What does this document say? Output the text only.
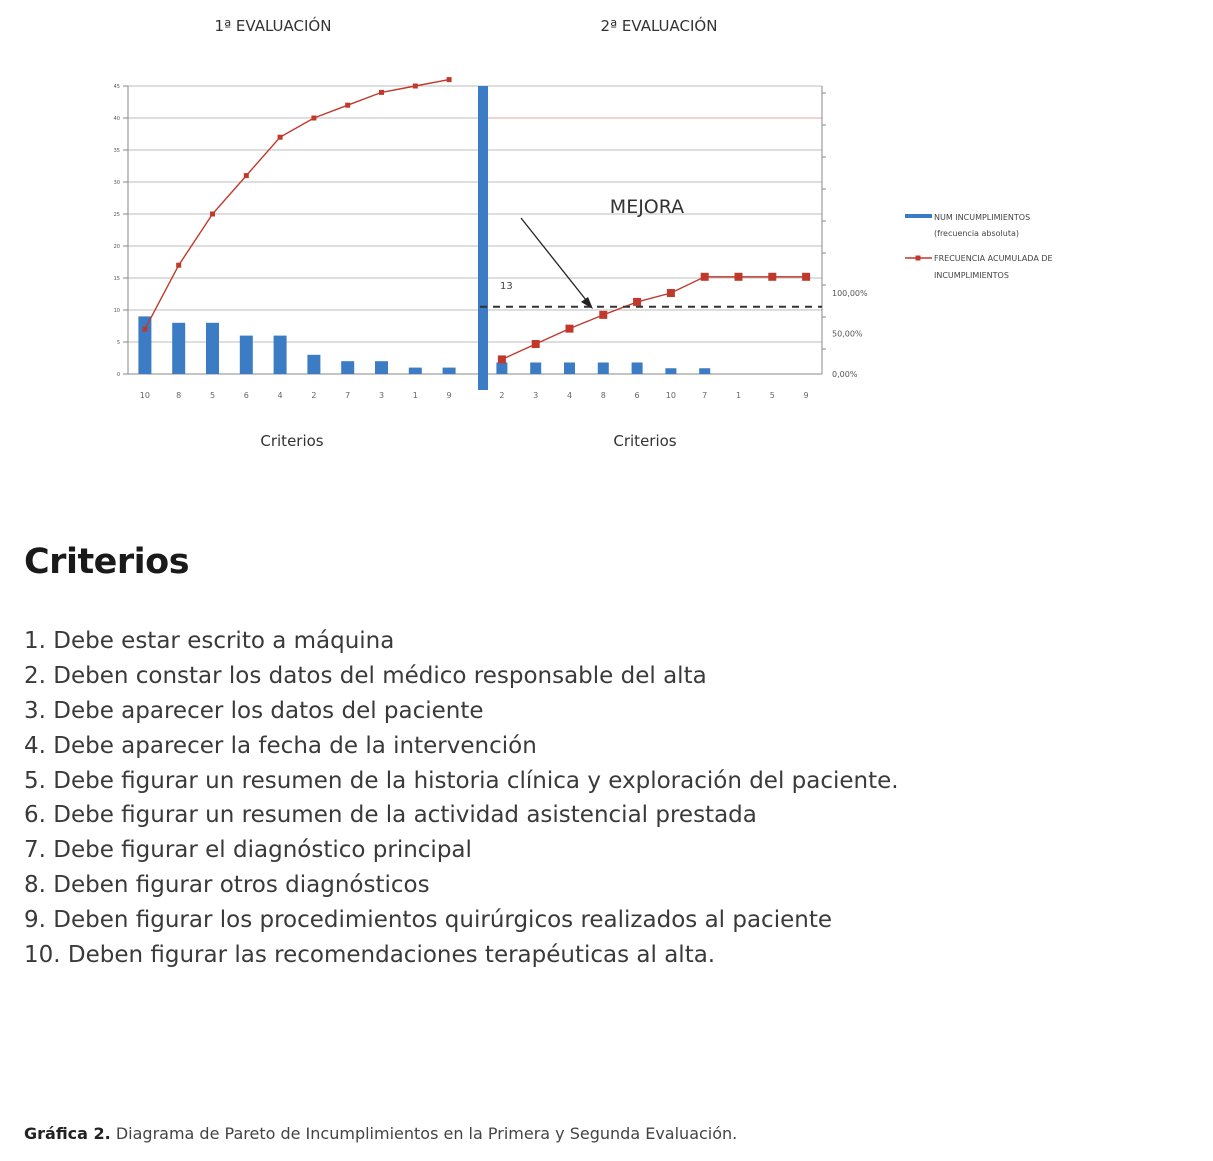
0
5
10
15
20
25
30
35
40
45
0,00%
50,00%
100,00%
10	8	5	6	4	2	7	3	1	9	2	3	4	8	6	10	7	1	5	9
1ª EVALUACIÓN	2ª EVALUACIÓN
Criterios	Criterios
MEJORA
13
NUM INCUMPLIMIENTOS
(frecuencia absoluta)
FRECUENCIA ACUMULADA DE
INCUMPLIMIENTOS
Criterios
1. Debe estar escrito a máquina
2. Deben constar los datos del médico responsable del alta
3. Debe aparecer los datos del paciente
4. Debe aparecer la fecha de la intervención
5. Debe figurar un resumen de la historia clínica y exploración del paciente.
6. Debe figurar un resumen de la actividad asistencial prestada
7. Debe figurar el diagnóstico principal
8. Deben figurar otros diagnósticos
9. Deben figurar los procedimientos quirúrgicos realizados al paciente
10. Deben figurar las recomendaciones terapéuticas al alta.

Gráfica 2. Diagrama de Pareto de Incumplimientos en la Primera y Segunda Evaluación.
